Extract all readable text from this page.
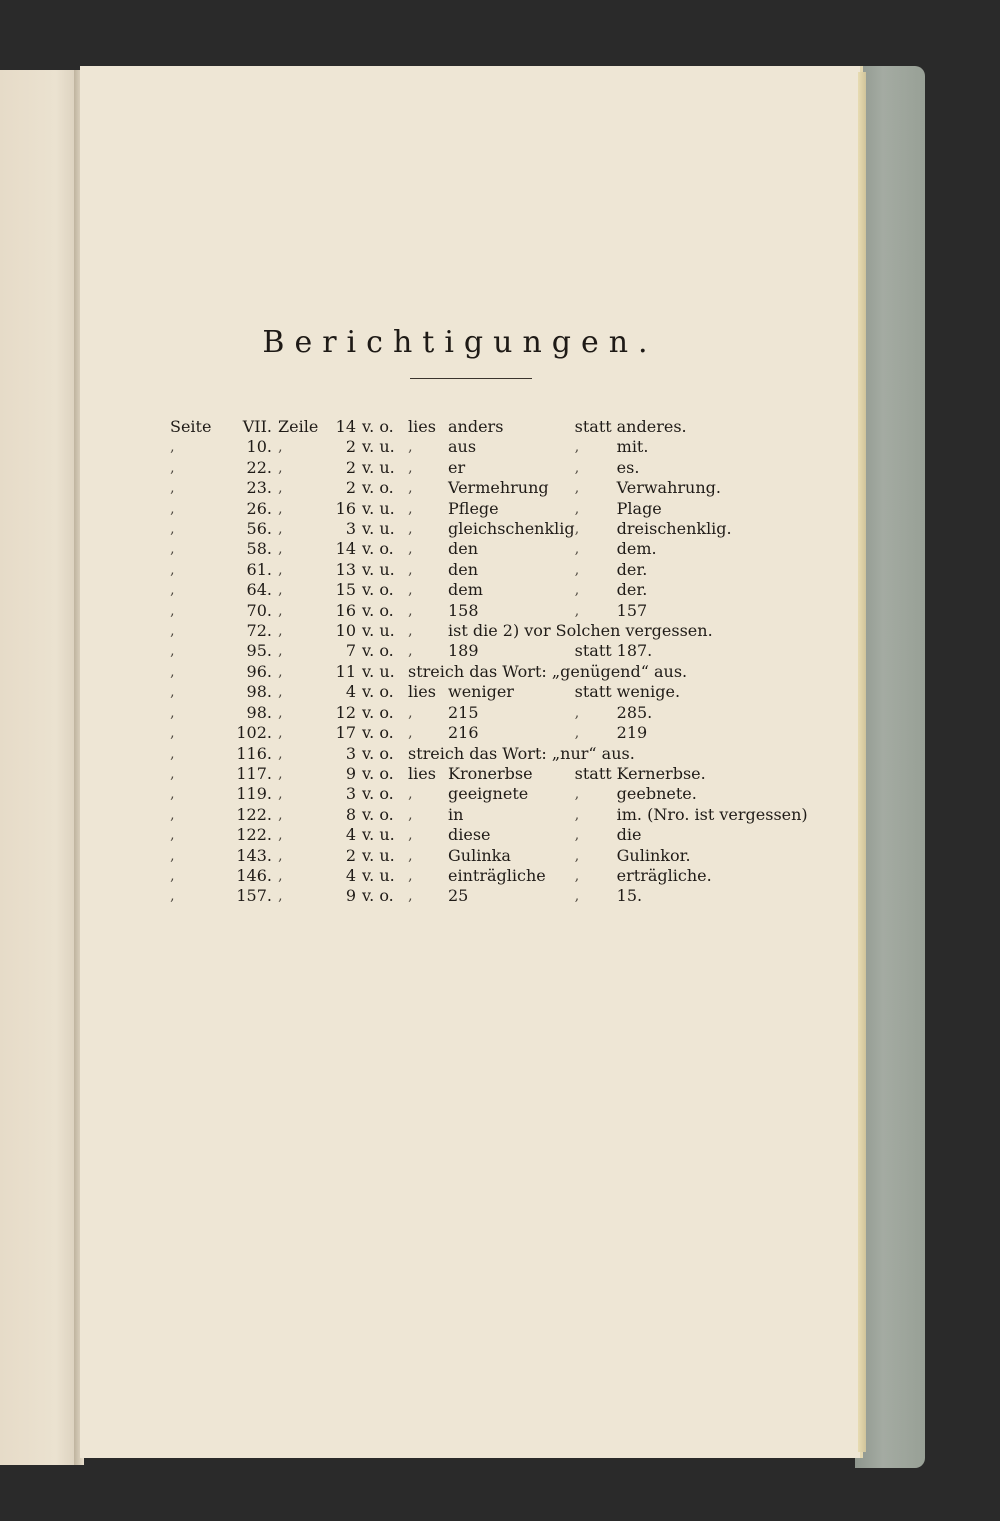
Berichtigungen.
Seite	VII.	Zeile	14	v. o.	lies	anders	statt	anderes.
‚	10.	‚	2	v. u.	‚	aus	‚	mit.
‚	22.	‚	2	v. u.	‚	er	‚	es.
‚	23.	‚	2	v. o.	‚	Vermehrung	‚	Verwahrung.
‚	26.	‚	16	v. u.	‚	Pflege	‚	Plage
‚	56.	‚	3	v. u.	‚	gleichschenklig	‚	dreischenklig.
‚	58.	‚	14	v. o.	‚	den	‚	dem.
‚	61.	‚	13	v. u.	‚	den	‚	der.
‚	64.	‚	15	v. o.	‚	dem	‚	der.
‚	70.	‚	16	v. o.	‚	158	‚	157
‚	72.	‚	10	v. u.	‚	ist die 2) vor Solchen vergessen.		
‚	95.	‚	7	v. o.	‚	189	statt	187.
‚	96.	‚	11	v. u.	streich das Wort: „genügend“ aus.			
‚	98.	‚	4	v. o.	lies	weniger	statt	wenige.
‚	98.	‚	12	v. o.	‚	215	‚	285.
‚	102.	‚	17	v. o.	‚	216	‚	219
‚	116.	‚	3	v. o.	streich das Wort: „nur“ aus.			
‚	117.	‚	9	v. o.	lies	Kronerbse	statt	Kernerbse.
‚	119.	‚	3	v. o.	‚	geeignete	‚	geebnete.
‚	122.	‚	8	v. o.	‚	in	‚	im. (Nro. ist vergessen)
‚	122.	‚	4	v. u.	‚	diese	‚	die
‚	143.	‚	2	v. u.	‚	Gulinka	‚	Gulinkor.
‚	146.	‚	4	v. u.	‚	einträgliche	‚	erträgliche.
‚	157.	‚	9	v. o.	‚	25	‚	15.
